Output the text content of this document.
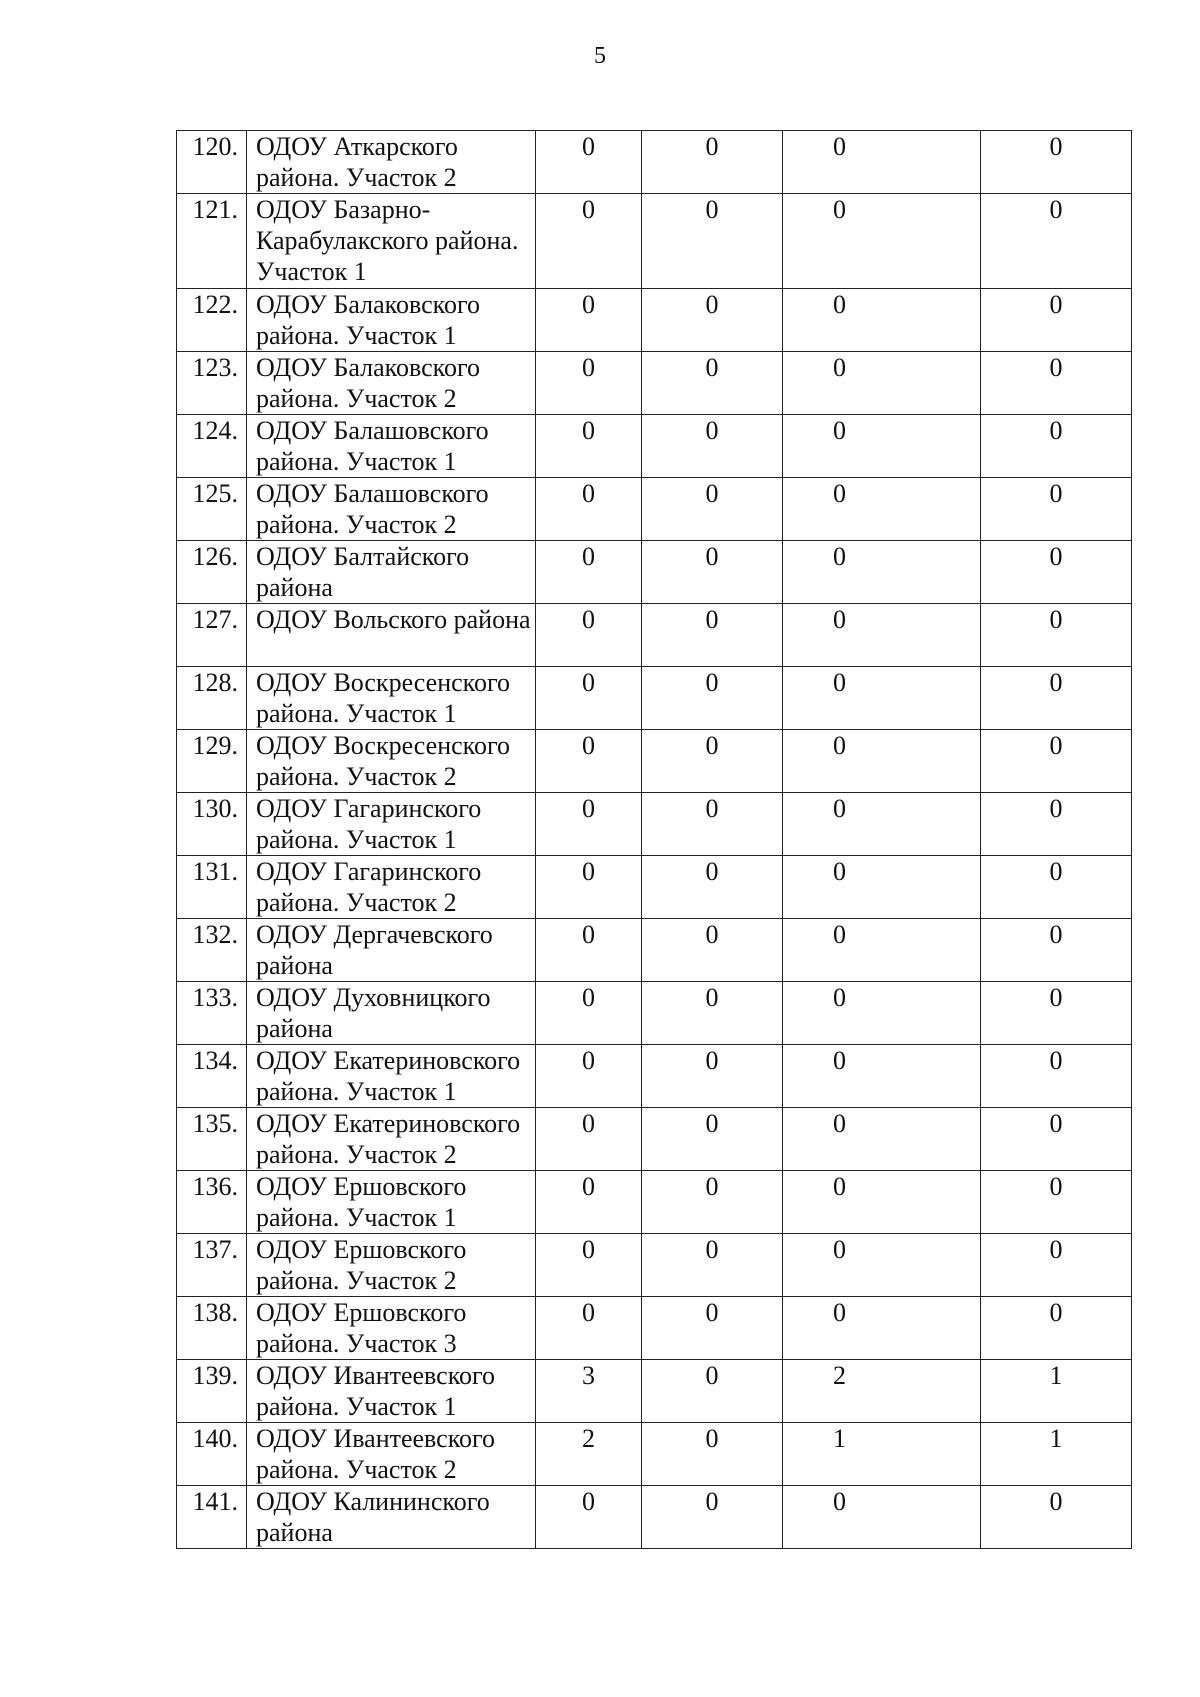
5
120.	ОДОУ Аткарского района. Участок 2	0	0	0	0
121.	ОДОУ Базарно-Карабулакского района. Участок 1	0	0	0	0
122.	ОДОУ Балаковского района. Участок 1	0	0	0	0
123.	ОДОУ Балаковского района. Участок 2	0	0	0	0
124.	ОДОУ Балашовского района. Участок 1	0	0	0	0
125.	ОДОУ Балашовского района. Участок 2	0	0	0	0
126.	ОДОУ Балтайского района	0	0	0	0
127.	ОДОУ Вольского района	0	0	0	0
128.	ОДОУ Воскресенского района. Участок 1	0	0	0	0
129.	ОДОУ Воскресенского района. Участок 2	0	0	0	0
130.	ОДОУ Гагаринского района. Участок 1	0	0	0	0
131.	ОДОУ Гагаринского района. Участок 2	0	0	0	0
132.	ОДОУ Дергачевского района	0	0	0	0
133.	ОДОУ Духовницкого района	0	0	0	0
134.	ОДОУ Екатериновского района. Участок 1	0	0	0	0
135.	ОДОУ Екатериновского района. Участок 2	0	0	0	0
136.	ОДОУ Ершовского района. Участок 1	0	0	0	0
137.	ОДОУ Ершовского района. Участок 2	0	0	0	0
138.	ОДОУ Ершовского района. Участок 3	0	0	0	0
139.	ОДОУ Ивантеевского района. Участок 1	3	0	2	1
140.	ОДОУ Ивантеевского района. Участок 2	2	0	1	1
141.	ОДОУ Калининского района	0	0	0	0
